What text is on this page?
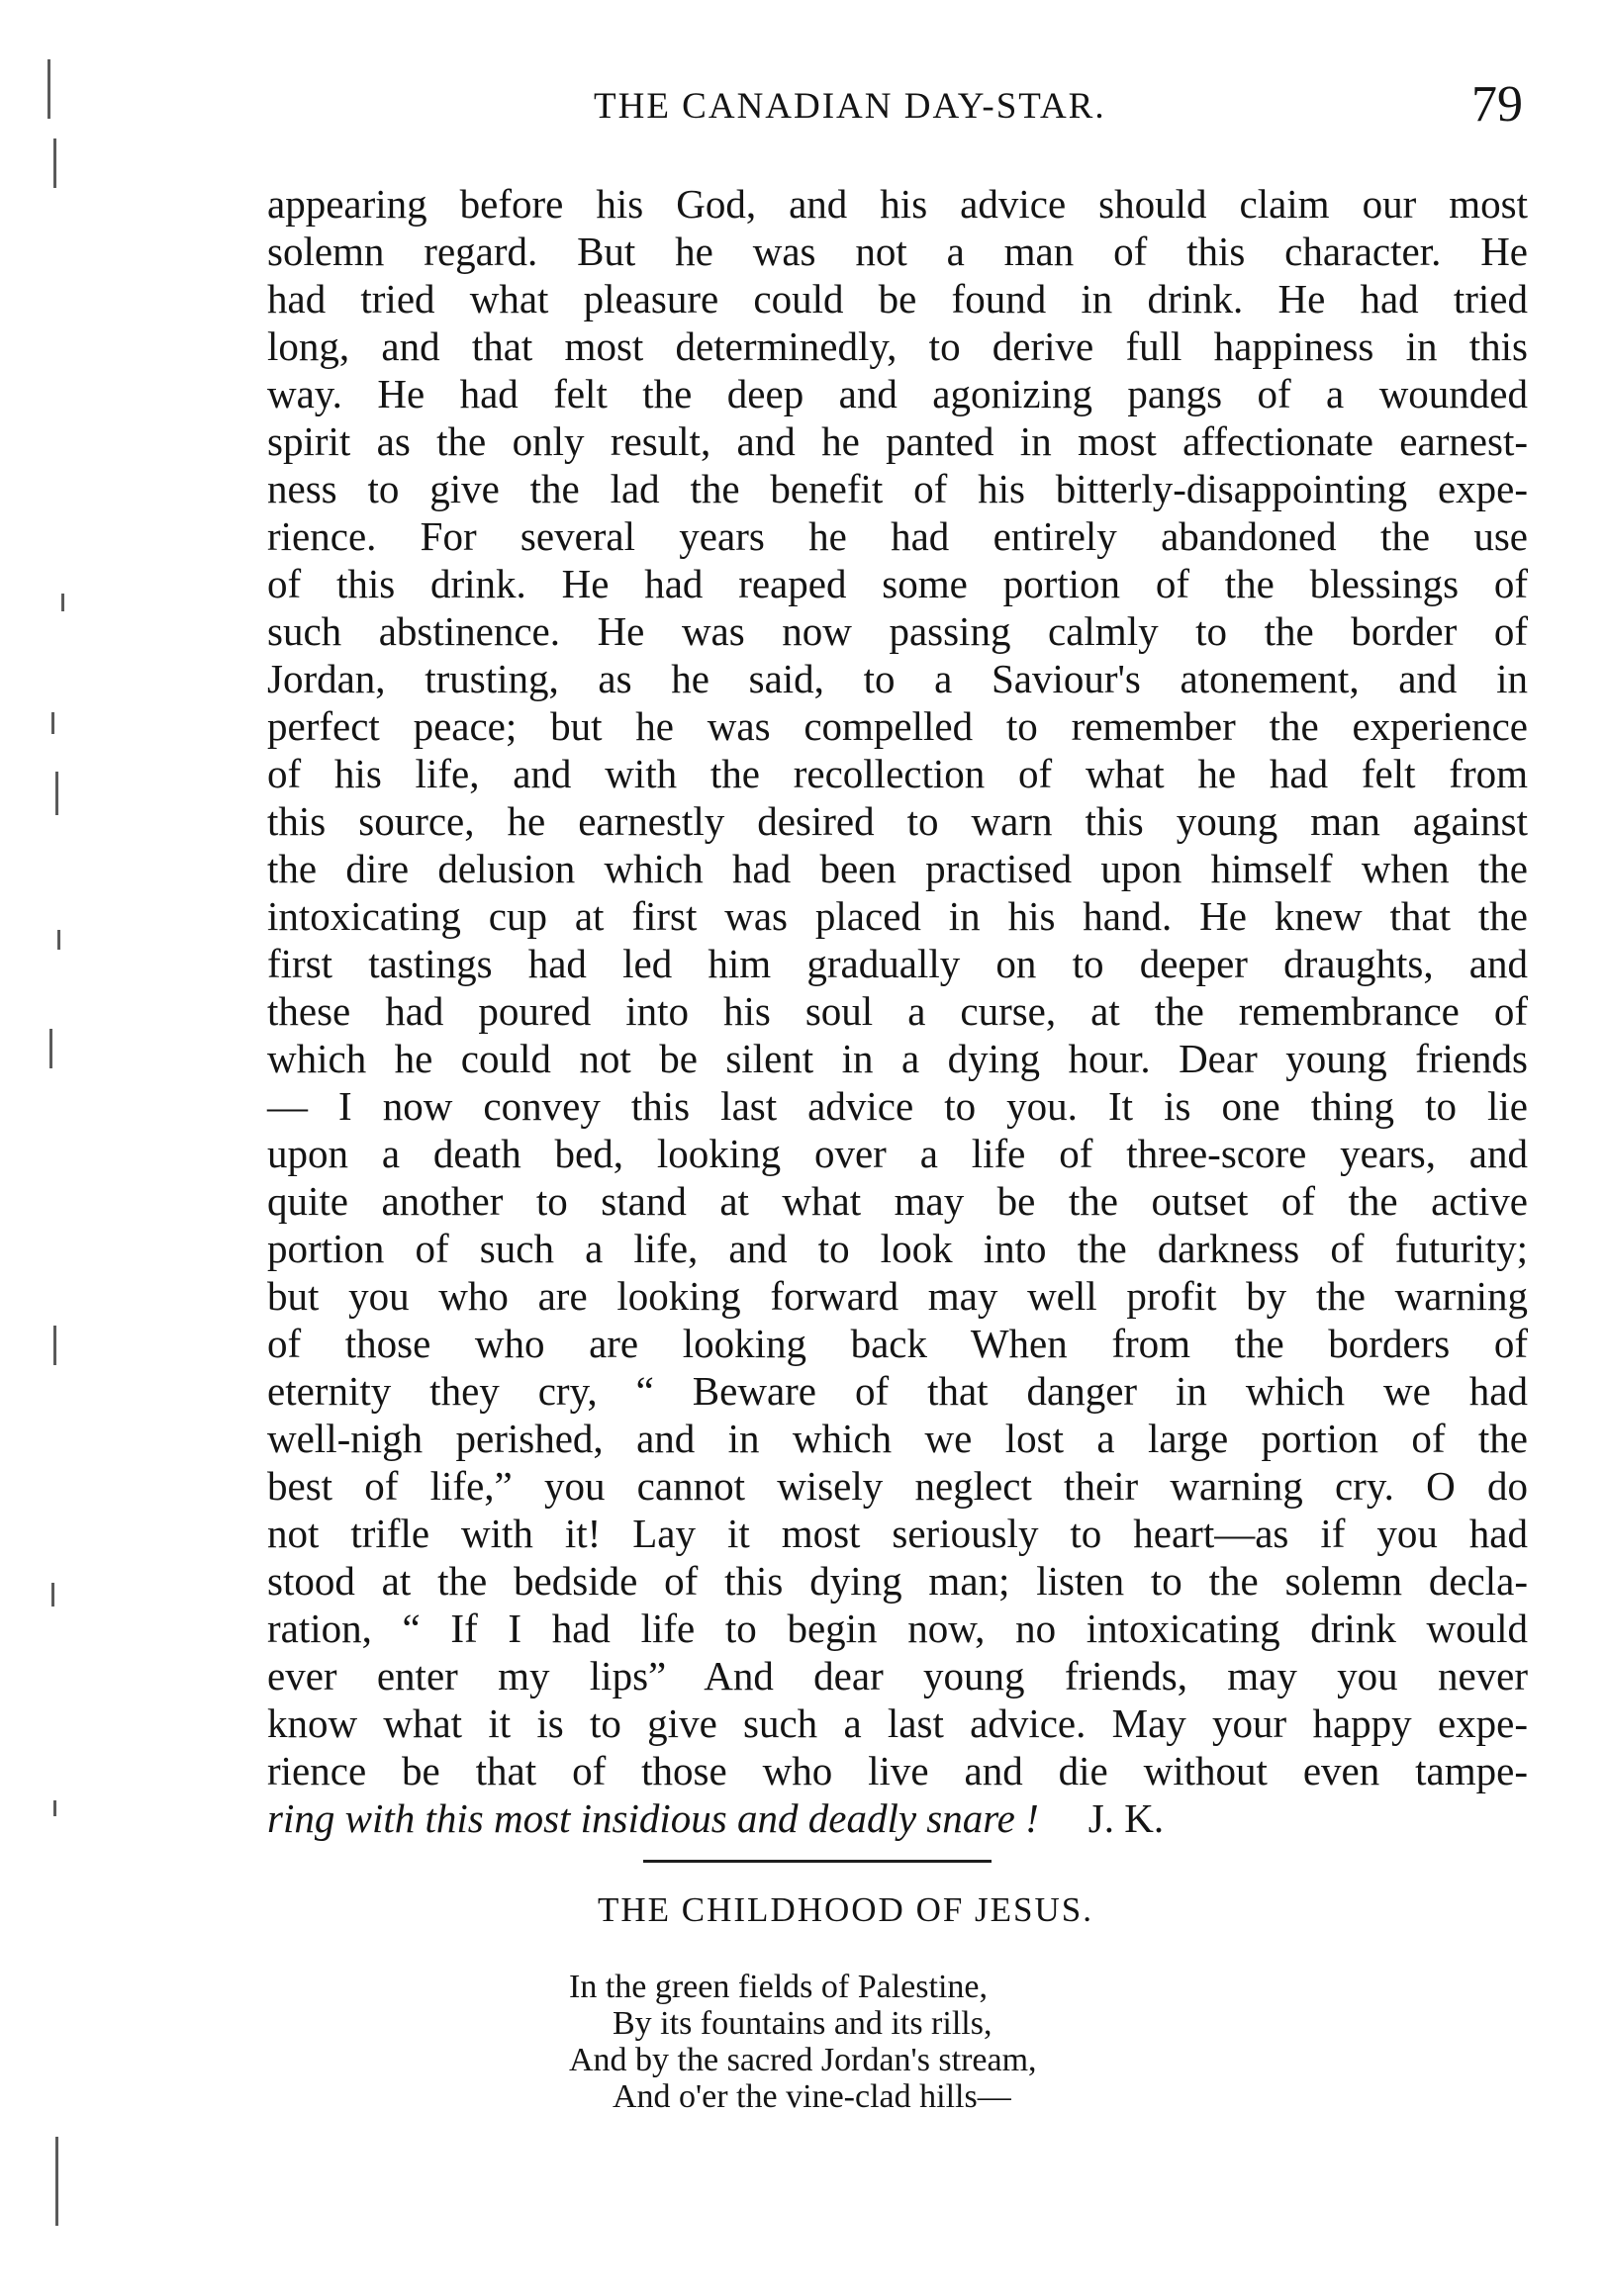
THE CANADIAN DAY-STAR.	79
appearing before his God, and his advice should claim our most
solemn regard. But he was not a man of this character. He
had tried what pleasure could be found in drink. He had tried
long, and that most determinedly, to derive full happiness in this
way. He had felt the deep and agonizing pangs of a wounded
spirit as the only result, and he panted in most affectionate earnest-
ness to give the lad the benefit of his bitterly-disappointing expe-
rience. For several years he had entirely abandoned the use
of this drink. He had reaped some portion of the blessings of
such abstinence. He was now passing calmly to the border of
Jordan, trusting, as he said, to a Saviour's atonement, and in
perfect peace; but he was compelled to remember the experience
of his life, and with the recollection of what he had felt from
this source, he earnestly desired to warn this young man against
the dire delusion which had been practised upon himself when the
intoxicating cup at first was placed in his hand. He knew that the
first tastings had led him gradually on to deeper draughts, and
these had poured into his soul a curse, at the remembrance of
which he could not be silent in a dying hour. Dear young friends
— I now convey this last advice to you. It is one thing to lie
upon a death bed, looking over a life of three-score years, and
quite another to stand at what may be the outset of the active
portion of such a life, and to look into the darkness of futurity;
but you who are looking forward may well profit by the warning
of those who are looking back When from the borders of
eternity they cry, “ Beware of that danger in which we had
well-nigh perished, and in which we lost a large portion of the
best of life,” you cannot wisely neglect their warning cry. O do
not trifle with it! Lay it most seriously to heart—as if you had
stood at the bedside of this dying man; listen to the solemn decla-
ration, “ If I had life to begin now, no intoxicating drink would
ever enter my lips” And dear young friends, may you never
know what it is to give such a last advice. May your happy expe-
rience be that of those who live and die without even tampe-
ring with this most insidious and deadly snare ! J. K.
THE CHILDHOOD OF JESUS.
In the green fields of Palestine,
By its fountains and its rills,
And by the sacred Jordan's stream,
And o'er the vine-clad hills—
